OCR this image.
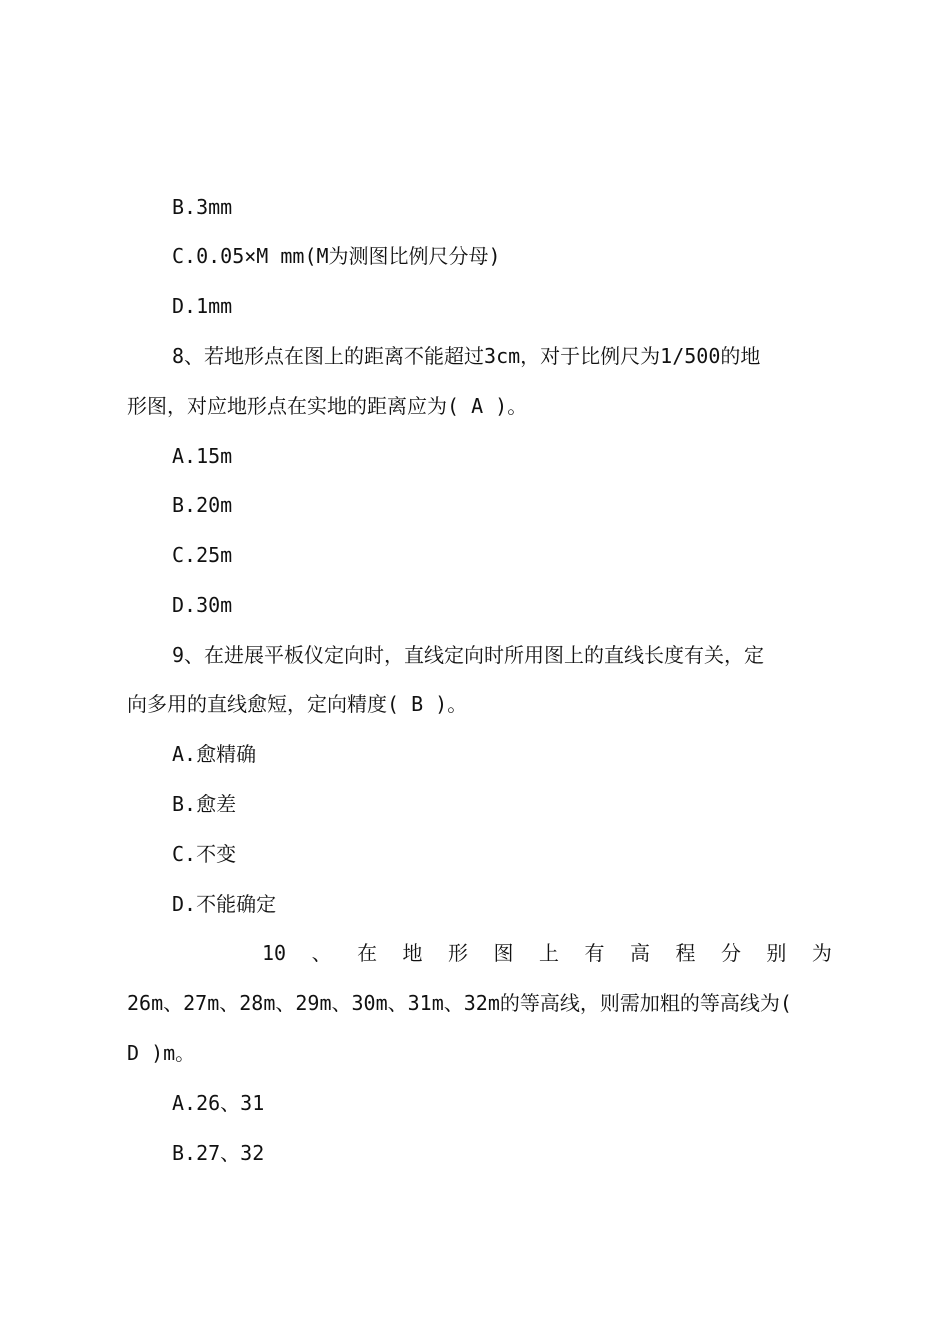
B.3mm
C.0.05×M mm(M为测图比例尺分母)
D.1mm
8、若地形点在图上的距离不能超过3cm，对于比例尺为1/500的地
形图，对应地形点在实地的距离应为( A )。
A.15m
B.20m
C.25m
D.30m
9、在进展平板仪定向时，直线定向时所用图上的直线长度有关，定
向多用的直线愈短，定向精度( B )。
A.愈精确
B.愈差
C.不变
D.不能确定
10 、 在 地 形 图 上 有 高 程 分 别 为
26m、27m、28m、29m、30m、31m、32m的等高线，则需加粗的等高线为(
D )m。
A.26、31
B.27、32
